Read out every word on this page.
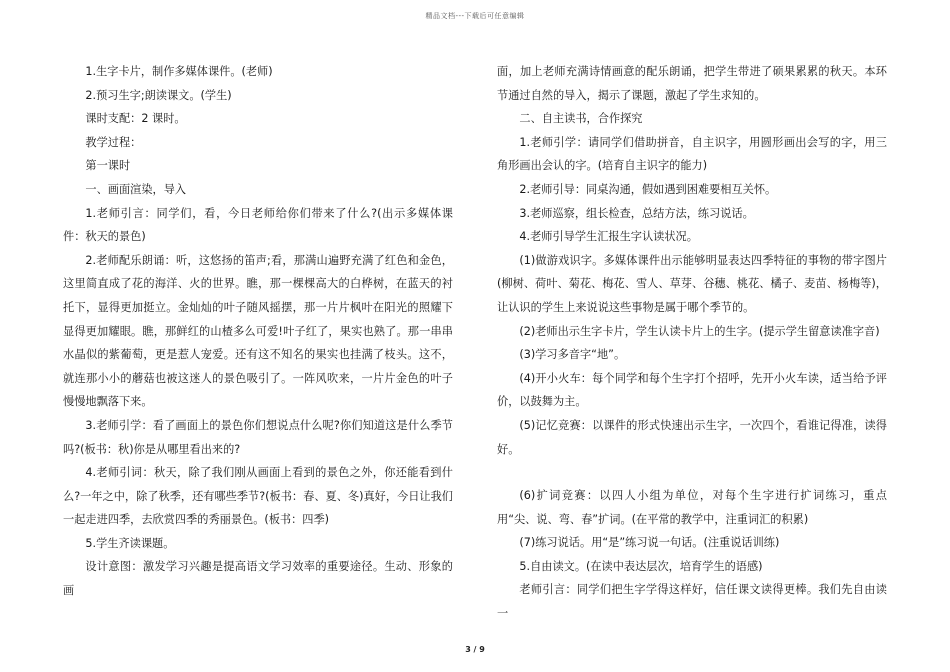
精品文档---下载后可任意编辑

1.生字卡片，制作多媒体课件。(老师)

2.预习生字;朗读课文。(学生)

课时支配：2 课时。

教学过程：

第一课时

一、画面渲染，导入

1.老师引言：同学们，看，今日老师给你们带来了什么?(出示多媒体课件：秋天的景色)

2.老师配乐朗诵：听，这悠扬的笛声;看，那满山遍野充满了红色和金色，这里简直成了花的海洋、火的世界。瞧，那一棵棵高大的白桦树，在蓝天的衬托下，显得更加挺立。金灿灿的叶子随风摇摆，那一片片枫叶在阳光的照耀下显得更加耀眼。瞧，那鲜红的山楂多么可爱!叶子红了，果实也熟了。那一串串水晶似的紫葡萄，更是惹人宠爱。还有这不知名的果实也挂满了枝头。这不，就连那小小的蘑菇也被这迷人的景色吸引了。一阵风吹来，一片片金色的叶子慢慢地飘落下来。

3.老师引学：看了画面上的景色你们想说点什么呢?你们知道这是什么季节吗?(板书：秋)你是从哪里看出来的?

4.老师引词：秋天，除了我们刚从画面上看到的景色之外，你还能看到什么?一年之中，除了秋季，还有哪些季节?(板书：春、夏、冬)真好，今日让我们一起走进四季，去欣赏四季的秀丽景色。(板书：四季)

5.学生齐读课题。

设计意图：激发学习兴趣是提高语文学习效率的重要途径。生动、形象的画

面，加上老师充满诗情画意的配乐朗诵，把学生带进了硕果累累的秋天。本环节通过自然的导入，揭示了课题，激起了学生求知的。

二、自主读书，合作探究

1.老师引学：请同学们借助拼音，自主识字，用圆形画出会写的字，用三角形画出会认的字。(培育自主识字的能力)

2.老师引导：同桌沟通，假如遇到困难要相互关怀。

3.老师巡察，组长检查，总结方法，练习说话。

4.老师引导学生汇报生字认读状况。

(1)做游戏识字。多媒体课件出示能够明显表达四季特征的事物的带字图片(柳树、荷叶、菊花、梅花、雪人、草芽、谷穗、桃花、橘子、麦苗、杨梅等)，让认识的学生上来说说这些事物是属于哪个季节的。

(2)老师出示生字卡片，学生认读卡片上的生字。(提示学生留意读准字音)

(3)学习多音字“地”。

(4)开小火车：每个同学和每个生字打个招呼，先开小火车读，适当给予评价，以鼓舞为主。

(5)记忆竞赛：以课件的形式快速出示生字，一次四个，看谁记得准，读得好。

(6)扩词竞赛：以四人小组为单位，对每个生字进行扩词练习，重点用“尖、说、弯、春”扩词。(在平常的教学中，注重词汇的积累)

(7)练习说话。用“是”练习说一句话。(注重说话训练)

5.自由读文。(在读中表达层次，培育学生的语感)

老师引言：同学们把生字学得这样好，信任课文读得更棒。我们先自由读一

3 / 9
